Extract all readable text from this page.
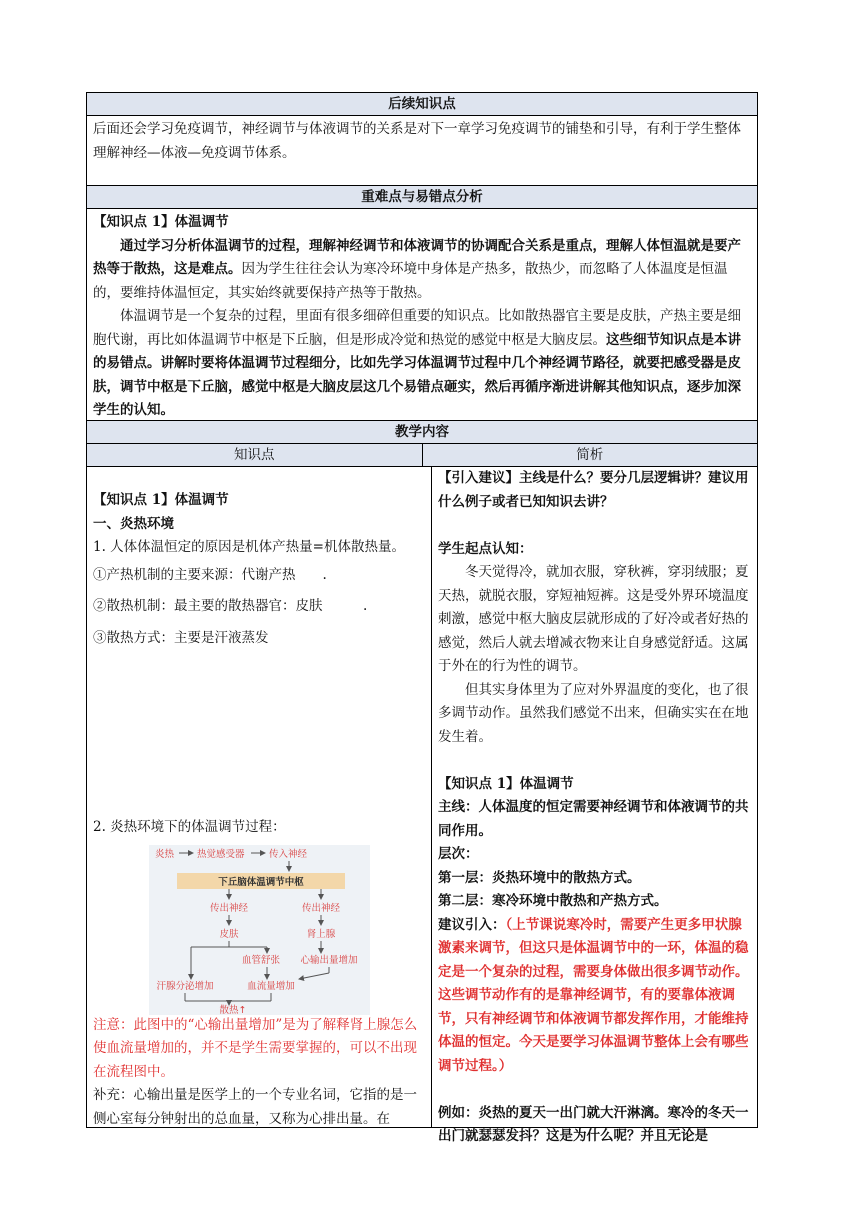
后续知识点

后面还会学习免疫调节，神经调节与体液调节的关系是对下一章学习免疫调节的铺垫和引导，有利于学生整体理解神经—体液—免疫调节体系。

重难点与易错点分析

【知识点 1】体温调节

通过学习分析体温调节的过程，理解神经调节和体液调节的协调配合关系是重点，理解人体恒温就是要产热等于散热，这是难点。因为学生往往会认为寒冷环境中身体是产热多，散热少，而忽略了人体温度是恒温的，要维持体温恒定，其实始终就要保持产热等于散热。

体温调节是一个复杂的过程，里面有很多细碎但重要的知识点。比如散热器官主要是皮肤，产热主要是细胞代谢，再比如体温调节中枢是下丘脑，但是形成冷觉和热觉的感觉中枢是大脑皮层。这些细节知识点是本讲的易错点。讲解时要将体温调节过程细分，比如先学习体温调节过程中几个神经调节路径，就要把感受器是皮肤，调节中枢是下丘脑，感觉中枢是大脑皮层这几个易错点砸实，然后再循序渐进讲解其他知识点，逐步加深学生的认知。

教学内容
知识点	简析

【知识点 1】体温调节

一、炎热环境

1. 人体体温恒定的原因是机体产热量=机体散热量。

①产热机制的主要来源：代谢产热　　.

②散热机制：最主要的散热器官：皮肤　　　.

③散热方式：主要是汗液蒸发

2. 炎热环境下的体温调节过程：

炎热 热觉感受器	传入神经
下丘脑体温调节中枢
传出神经	传出神经
皮肤	肾上腺
血管舒张 心输出量增加
汗腺分泌增加	血流量增加
散热↑

注意：此图中的“心输出量增加”是为了解释肾上腺怎么使血流量增加的，并不是学生需要掌握的，可以不出现在流程图中。

补充：心输出量是医学上的一个专业名词，它指的是一侧心室每分钟射出的总血量，又称为心排出量。在

【引入建议】主线是什么？要分几层逻辑讲？建议用什么例子或者已知知识去讲？

学生起点认知：

冬天觉得冷，就加衣服，穿秋裤，穿羽绒服；夏天热，就脱衣服，穿短袖短裤。这是受外界环境温度刺激，感觉中枢大脑皮层就形成的了好冷或者好热的感觉，然后人就去增减衣物来让自身感觉舒适。这属于外在的行为性的调节。

但其实身体里为了应对外界温度的变化，也了很多调节动作。虽然我们感觉不出来，但确实实在在地发生着。

【知识点 1】体温调节

主线：人体温度的恒定需要神经调节和体液调节的共同作用。

层次：

第一层：炎热环境中的散热方式。

第二层：寒冷环境中散热和产热方式。

建议引入：（上节课说寒冷时，需要产生更多甲状腺激素来调节，但这只是体温调节中的一环，体温的稳定是一个复杂的过程，需要身体做出很多调节动作。这些调节动作有的是靠神经调节，有的要靠体液调节，只有神经调节和体液调节都发挥作用，才能维持体温的恒定。今天是要学习体温调节整体上会有哪些调节过程。）

例如：炎热的夏天一出门就大汗淋漓。寒冷的冬天一出门就瑟瑟发抖？这是为什么呢？并且无论是
